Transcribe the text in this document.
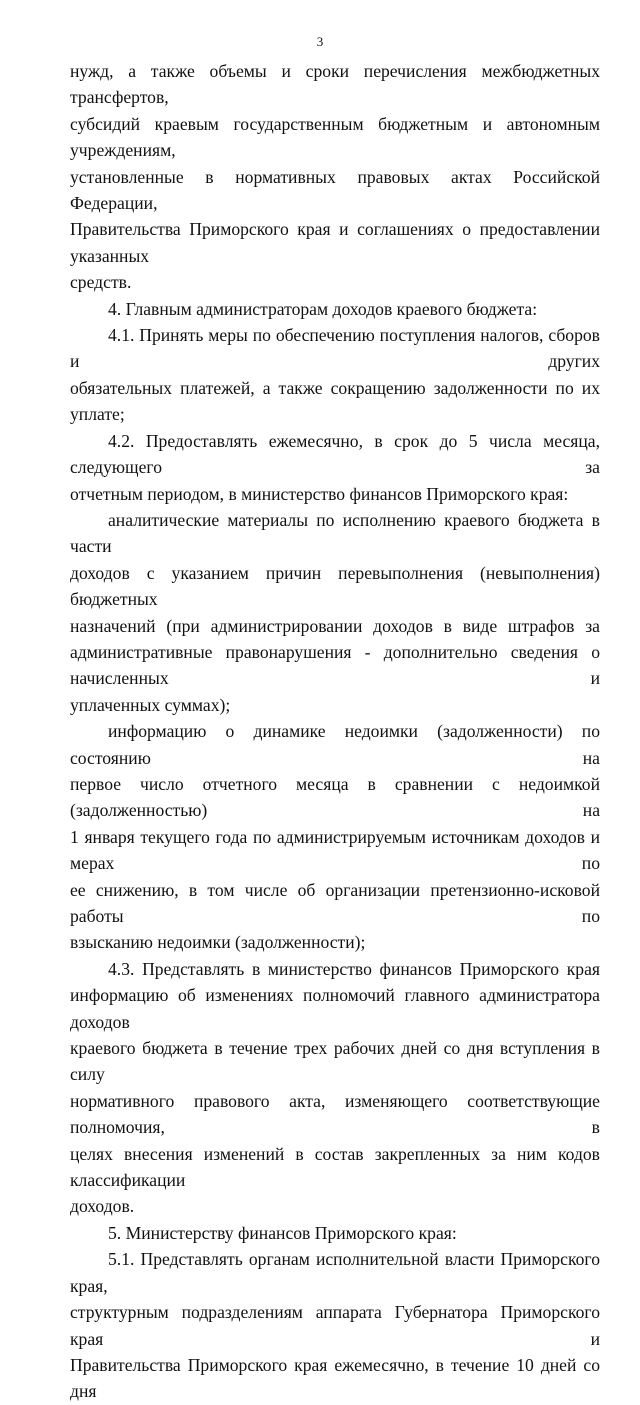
3

нужд, а также объемы и сроки перечисления межбюджетных трансфертов,

субсидий краевым государственным бюджетным и автономным учреждениям,

установленные в нормативных правовых актах Российской Федерации,

Правительства Приморского края и соглашениях о предоставлении указанных

средств.

4. Главным администраторам доходов краевого бюджета:

4.1. Принять меры по обеспечению поступления налогов, сборов и других

обязательных платежей, а также сокращению задолженности по их уплате;

4.2. Предоставлять ежемесячно, в срок до 5 числа месяца, следующего за

отчетным периодом, в министерство финансов Приморского края:

аналитические материалы по исполнению краевого бюджета в части

доходов с указанием причин перевыполнения (невыполнения) бюджетных

назначений (при администрировании доходов в виде штрафов за

административные правонарушения - дополнительно сведения о начисленных и

уплаченных суммах);

информацию о динамике недоимки (задолженности) по состоянию на

первое число отчетного месяца в сравнении с недоимкой (задолженностью) на

1 января текущего года по администрируемым источникам доходов и мерах по

ее снижению, в том числе об организации претензионно-исковой работы по

взысканию недоимки (задолженности);

4.3. Представлять в министерство финансов Приморского края

информацию об изменениях полномочий главного администратора доходов

краевого бюджета в течение трех рабочих дней со дня вступления в силу

нормативного правового акта, изменяющего соответствующие полномочия, в

целях внесения изменений в состав закрепленных за ним кодов классификации

доходов.

5. Министерству финансов Приморского края:

5.1. Представлять органам исполнительной власти Приморского края,

структурным подразделениям аппарата Губернатора Приморского края и

Правительства Приморского края ежемесячно, в течение 10 дней со дня
